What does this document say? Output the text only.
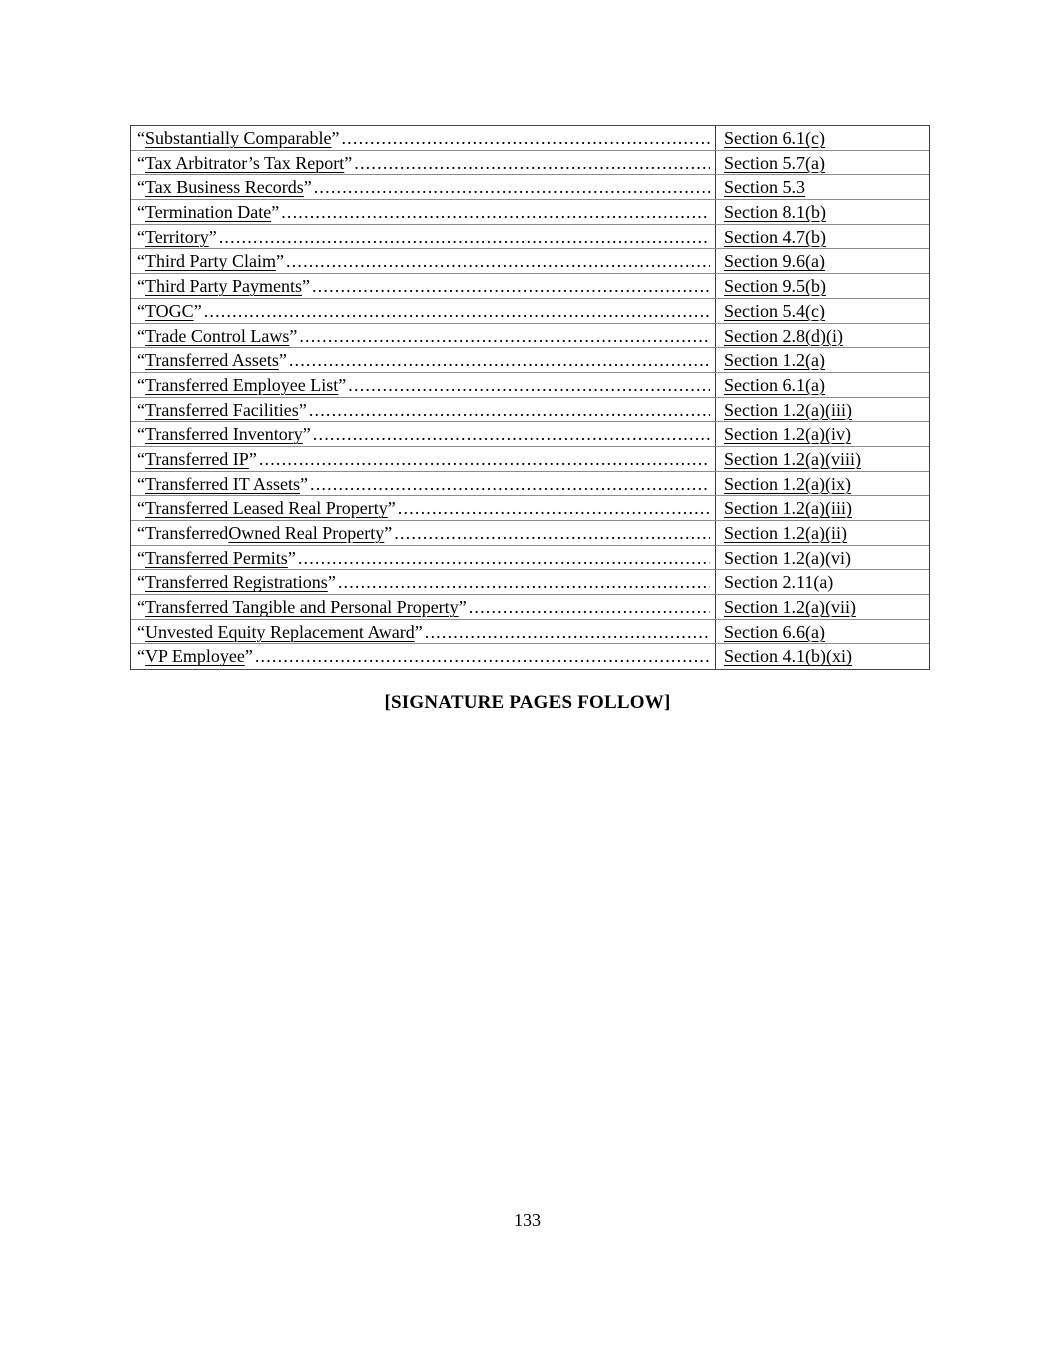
“ Substantially Comparable ” .....	Section 6.1(c)
“ Tax Arbitrator’s Tax Report ” .....	Section 5.7(a)
“ Tax Business Records ” .....	Section 5.3
“ Termination Date ” .....	Section 8.1(b)
“ Territory ” .....	Section 4.7(b)
“ Third Party Claim ” .....	Section 9.6(a)
“ Third Party Payments ” .....	Section 9.5(b)
“ TOGC ” .....	Section 5.4(c)
“ Trade Control Laws ” .....	Section 2.8(d)(i)
“ Transferred Assets ” .....	Section 1.2(a)
“ Transferred Employee List ” .....	Section 6.1(a)
“ Transferred Facilities ” .....	Section 1.2(a)(iii)
“ Transferred Inventory ” .....	Section 1.2(a)(iv)
“ Transferred IP ” .....	Section 1.2(a)(viii)
“ Transferred IT Assets ” .....	Section 1.2(a)(ix)
“ Transferred Leased Real Property ” .....	Section 1.2(a)(iii)
“ Transferred Owned Real Property ” .....	Section 1.2(a)(ii)
“ Transferred Permits ” .....	Section 1.2(a)(vi)
“ Transferred Registrations ” .....	Section 2.11(a)
“ Transferred Tangible and Personal Property ” .....	Section 1.2(a)(vii)
“ Unvested Equity Replacement Award ” .....	Section 6.6(a)
“ VP Employee ” .....	Section 4.1(b)(xi)
[SIGNATURE PAGES FOLLOW]
133
